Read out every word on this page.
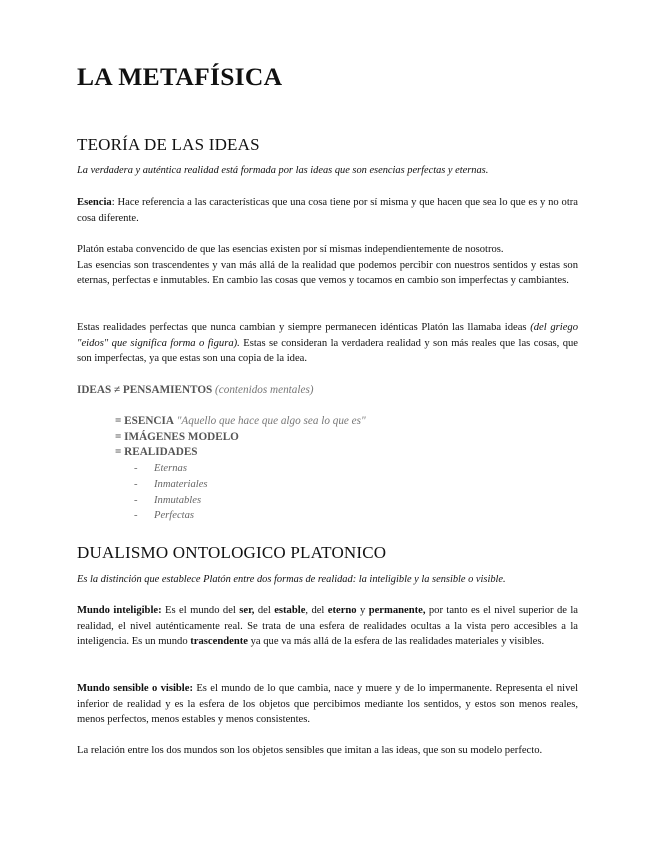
LA METAFÍSICA
TEORÍA DE LAS IDEAS
La verdadera y auténtica realidad está formada por las ideas que son esencias perfectas y eternas.
Esencia: Hace referencia a las características que una cosa tiene por sí misma y que hacen que sea lo que es y no otra cosa diferente.
Platón estaba convencido de que las esencias existen por sí mismas independientemente de nosotros.
Las esencias son trascendentes y van más allá de la realidad que podemos percibir con nuestros sentidos y estas son eternas, perfectas e inmutables. En cambio las cosas que vemos y tocamos en cambio son imperfectas y cambiantes.
Estas realidades perfectas que nunca cambian y siempre permanecen idénticas Platón las llamaba ideas (del griego "eidos" que significa forma o figura). Estas se consideran la verdadera realidad y son más reales que las cosas, que son imperfectas, ya que estas son una copia de la idea.
IDEAS ≠ PENSAMIENTOS (contenidos mentales)
= ESENCIA "Aquello que hace que algo sea lo que es"
= IMÁGENES MODELO
= REALIDADES
- Eternas
- Inmateriales
- Inmutables
- Perfectas
DUALISMO ONTOLOGICO PLATONICO
Es la distinción que establece Platón entre dos formas de realidad: la inteligible y la sensible o visible.
Mundo inteligible: Es el mundo del ser, del estable, del eterno y permanente, por tanto es el nivel superior de la realidad, el nivel auténticamente real. Se trata de una esfera de realidades ocultas a la vista pero accesibles a la inteligencia. Es un mundo trascendente ya que va más allá de la esfera de las realidades materiales y visibles.
Mundo sensible o visible: Es el mundo de lo que cambia, nace y muere y de lo impermanente. Representa el nivel inferior de realidad y es la esfera de los objetos que percibimos mediante los sentidos, y estos son menos reales, menos perfectos, menos estables y menos consistentes.
La relación entre los dos mundos son los objetos sensibles que imitan a las ideas, que son su modelo perfecto.
